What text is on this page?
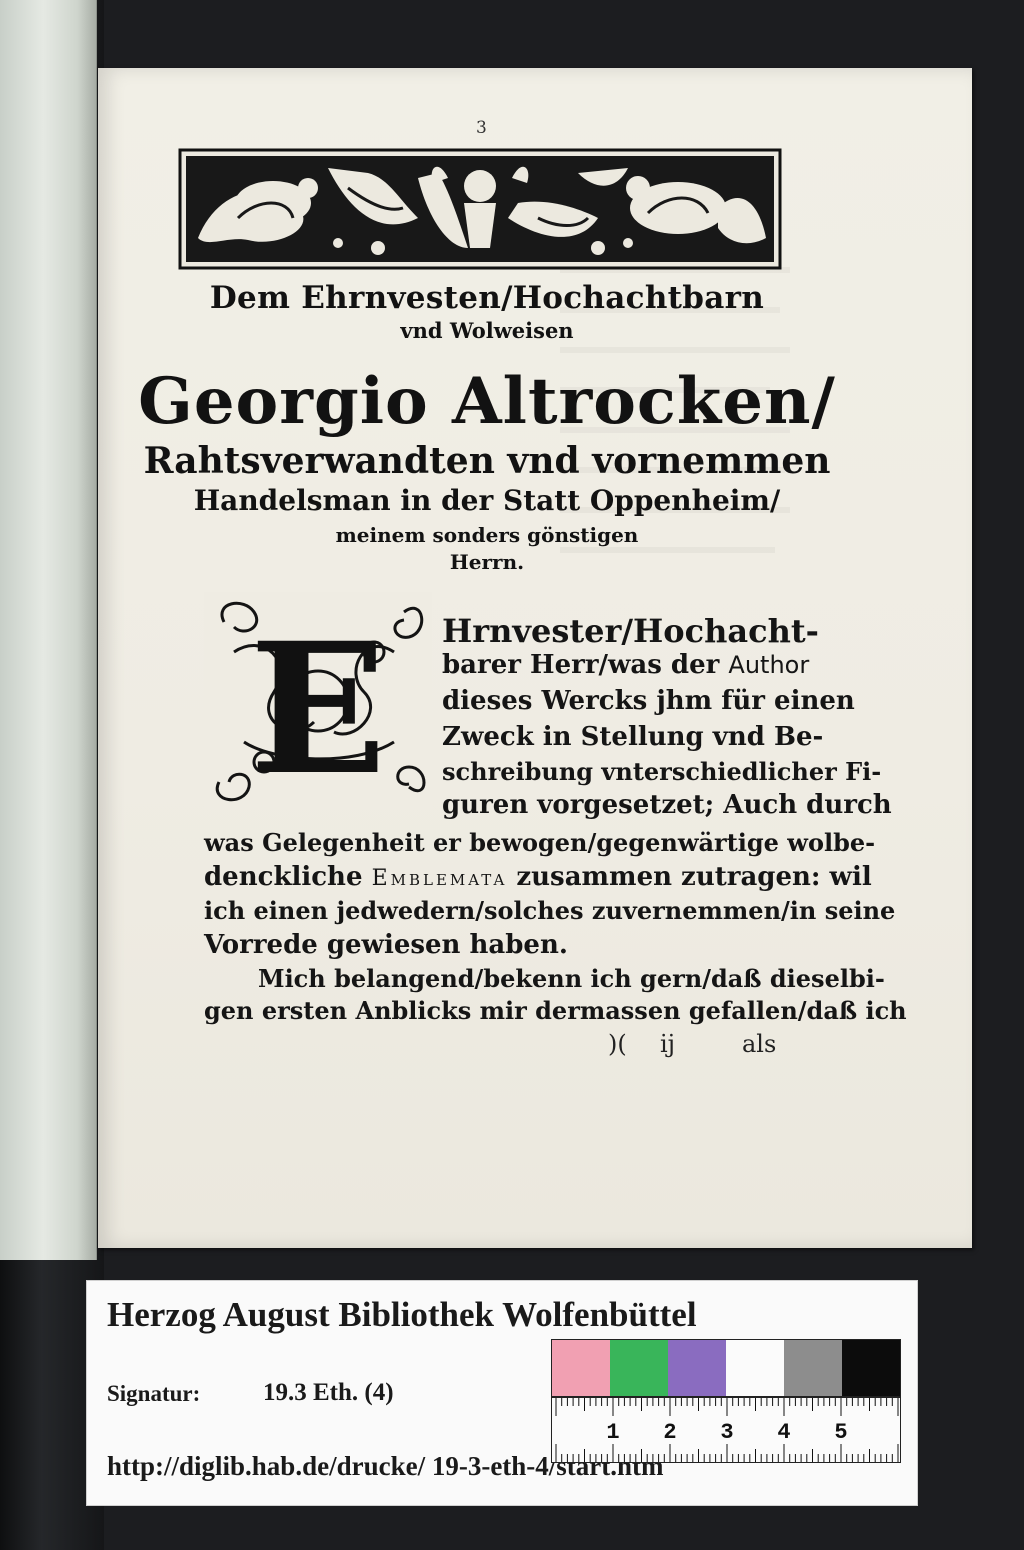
3
Dem Ehrnvesten/Hochachtbarn
vnd Wolweisen
Georgio Altrocken/
Rahtsverwandten vnd vornemmen
Handelsman in der Statt Oppenheim/
meinem sonders gönstigen
Herrn.
E Hrnvester/Hochacht-
barer Herr/was der Author
dieses Wercks jhm für einen
Zweck in Stellung vnd Be-
schreibung vnterschiedlicher Fi-
guren vorgesetzet; Auch durch
was Gelegenheit er bewogen/gegenwärtige wolbe-
denckliche Emblemata zusammen zutragen: wil
ich einen jedwedern/solches zuvernemmen/in seine
Vorrede gewiesen haben.
Mich belangend/bekenn ich gern/daß dieselbi-
gen ersten Anblicks mir dermassen gefallen/daß ich
)( ij	als
Herzog August Bibliothek Wolfenbüttel
Signatur:	19.3 Eth. (4)
http://diglib.hab.de/drucke/ 19-3-eth-4/start.htm
1 2 3 4 5
